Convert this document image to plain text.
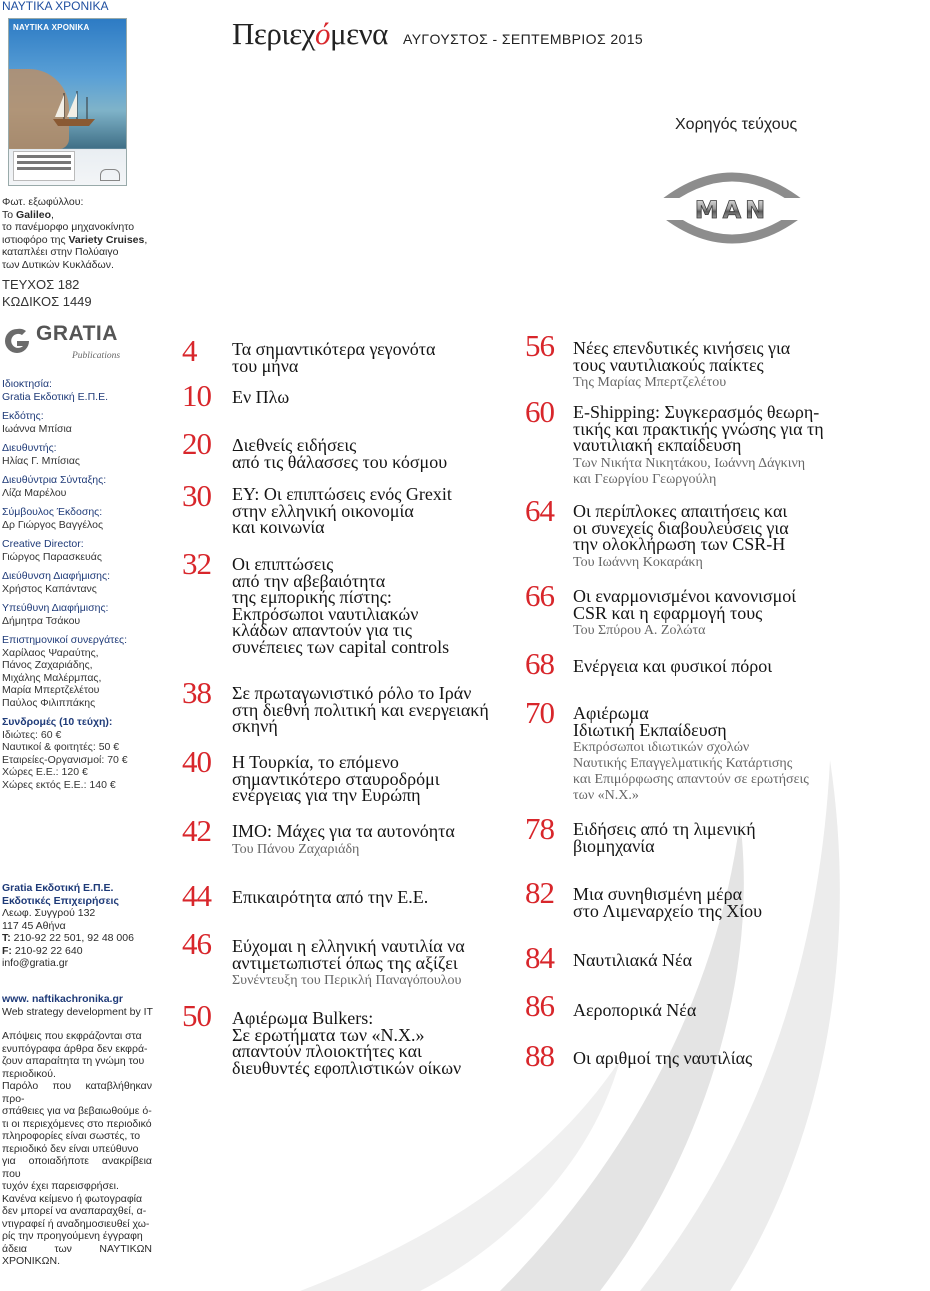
ΝΑΥΤΙΚΑ ΧΡΟΝΙΚΑ
ΝΑΥΤΙΚΑ ΧΡΟΝΙΚΑ
Φωτ. εξωφύλλου:
Το Galileo,
το πανέμορφο μηχανοκίνητο
ιστιοφόρο της Variety Cruises,
καταπλέει στην Πολύαιγο
των Δυτικών Κυκλάδων.
ΤΕΥΧΟΣ 182
ΚΩΔΙΚΟΣ 1449
GRATIA
Publications
Ιδιοκτησία:
Gratia Εκδοτική Ε.Π.Ε.
Εκδότης:
Ιωάννα Μπίσια
Διευθυντής:
Ηλίας Γ. Μπίσιας
Διευθύντρια Σύνταξης:
Λίζα Μαρέλου
Σύμβουλος Έκδοσης:
Δρ Γιώργος Βαγγέλος
Creative Director:
Γιώργος Παρασκευάς
Διεύθυνση Διαφήμισης:
Χρήστος Καπάντανς
Υπεύθυνη Διαφήμισης:
Δήμητρα Τσάκου
Επιστημονικοί συνεργάτες:
Χαρίλαος Ψαραύτης,
Πάνος Ζαχαριάδης,
Μιχάλης Μαλέρμπας,
Μαρία Μπερτζελέτου
Παύλος Φιλιππάκης
Συνδρομές (10 τεύχη):
Ιδιώτες: 60 €
Ναυτικοί & φοιτητές: 50 €
Εταιρείες-Οργανισμοί: 70 €
Χώρες Ε.Ε.: 120 €
Χώρες εκτός Ε.Ε.: 140 €
Gratia Εκδοτική Ε.Π.Ε.
Εκδοτικές Επιχειρήσεις
Λεωφ. Συγγρού 132
117 45 Αθήνα
T: 210-92 22 501, 92 48 006
F: 210-92 22 640
info@gratia.gr
www. naftikachronika.gr
Web strategy development by IT
Απόψεις που εκφράζονται στα
ενυπόγραφα άρθρα δεν εκφρά-
ζουν απαραίτητα τη γνώμη του
περιοδικού.
Παρόλο που καταβλήθηκαν προ-
σπάθειες για να βεβαιωθούμε ό-
τι οι περιεχόμενες στο περιοδικό
πληροφορίες είναι σωστές, το
περιοδικό δεν είναι υπεύθυνο
για οποιαδήποτε ανακρίβεια που
τυχόν έχει παρεισφρήσει.
Κανένα κείμενο ή φωτογραφία
δεν μπορεί να αναπαραχθεί, α-
ντιγραφεί ή αναδημοσιευθεί χω-
ρίς την προηγούμενη έγγραφη
άδεια των ΝΑΥΤΙΚΩΝ ΧΡΟΝΙΚΩΝ.
Περιεχόμενα ΑΥΓΟΥΣΤΟΣ - ΣΕΠΤΕΜΒΡΙΟΣ 2015
Χορηγός τεύχους
MAN
4 Τα σημαντικότερα γεγονότα
του μήνα
10 Εν Πλω
20 Διεθνείς ειδήσεις
από τις θάλασσες του κόσμου
30 ΕΥ: Οι επιπτώσεις ενός Grexit
στην ελληνική οικονομία
και κοινωνία
32 Οι επιπτώσεις
από την αβεβαιότητα
της εμπορικής πίστης:
Εκπρόσωποι ναυτιλιακών
κλάδων απαντούν για τις
συνέπειες των capital controls
38 Σε πρωταγωνιστικό ρόλο το Ιράν
στη διεθνή πολιτική και ενεργειακή
σκηνή
40 Η Τουρκία, το επόμενο
σημαντικότερο σταυροδρόμι
ενέργειας για την Ευρώπη
42 IMO: Μάχες για τα αυτονόητα
Του Πάνου Ζαχαριάδη
44 Επικαιρότητα από την Ε.Ε.
46 Εύχομαι η ελληνική ναυτιλία να
αντιμετωπιστεί όπως της αξίζει
Συνέντευξη του Περικλή Παναγόπουλου
50 Αφιέρωμα Bulkers:
Σε ερωτήματα των «Ν.Χ.»
απαντούν πλοιοκτήτες και
διευθυντές εφοπλιστικών οίκων
56 Νέες επενδυτικές κινήσεις για
τους ναυτιλιακούς παίκτες
Της Μαρίας Μπερτζελέτου
60 E-Shipping: Συγκερασμός θεωρη-
τικής και πρακτικής γνώσης για τη
ναυτιλιακή εκπαίδευση
Των Νικήτα Νικητάκου, Ιωάννη Δάγκινη
και Γεωργίου Γεωργούλη
64 Οι περίπλοκες απαιτήσεις και
οι συνεχείς διαβουλεύσεις για
την ολοκλήρωση των CSR-H
Του Ιωάννη Κοκαράκη
66 Οι εναρμονισμένοι κανονισμοί
CSR και η εφαρμογή τους
Του Σπύρου Α. Ζολώτα
68 Ενέργεια και φυσικοί πόροι
70 Αφιέρωμα
Ιδιωτική Εκπαίδευση
Εκπρόσωποι ιδιωτικών σχολών
Ναυτικής Επαγγελματικής Κατάρτισης
και Επιμόρφωσης απαντούν σε ερωτήσεις
των «Ν.Χ.»
78 Ειδήσεις από τη λιμενική
βιομηχανία
82 Μια συνηθισμένη μέρα
στο Λιμεναρχείο της Χίου
84 Ναυτιλιακά Νέα
86 Αεροπορικά Νέα
88 Οι αριθμοί της ναυτιλίας
